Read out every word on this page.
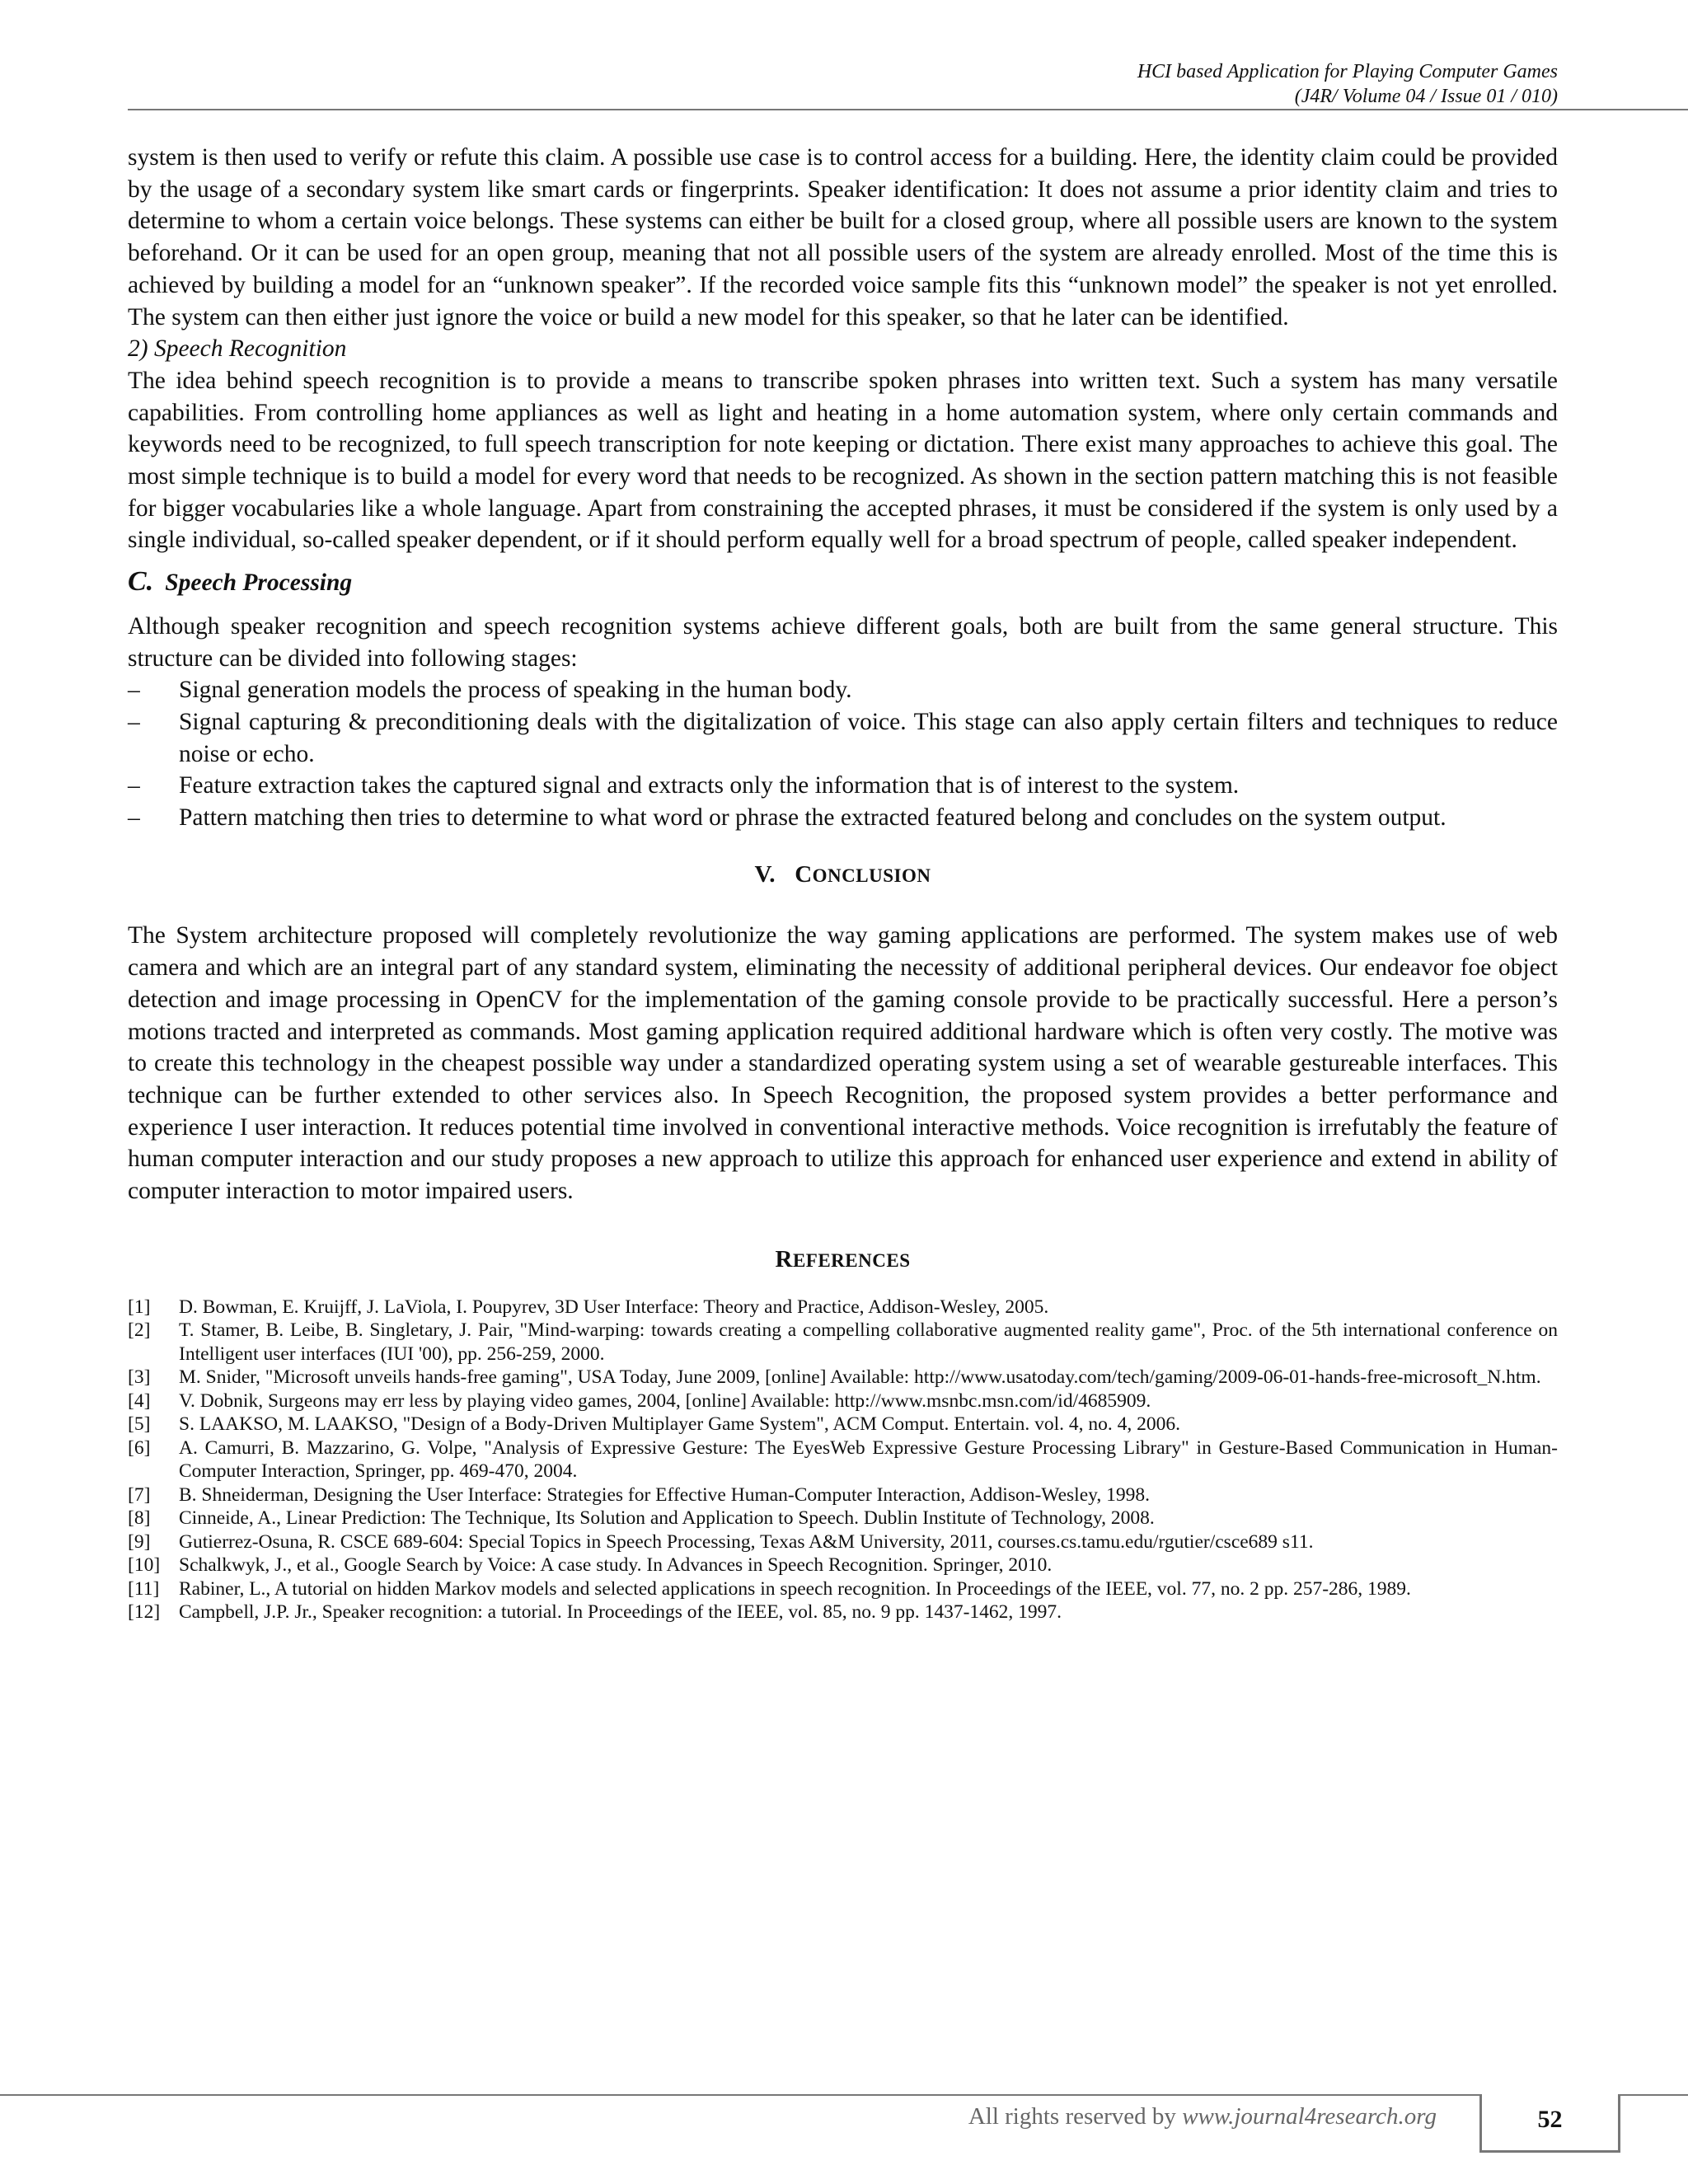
HCI based Application for Playing Computer Games
(J4R/ Volume 04 / Issue 01 / 010)

system is then used to verify or refute this claim. A possible use case is to control access for a building. Here, the identity claim could be provided by the usage of a secondary system like smart cards or fingerprints. Speaker identification: It does not assume a prior identity claim and tries to determine to whom a certain voice belongs. These systems can either be built for a closed group, where all possible users are known to the system beforehand. Or it can be used for an open group, meaning that not all possible users of the system are already enrolled. Most of the time this is achieved by building a model for an “unknown speaker”. If the recorded voice sample fits this “unknown model” the speaker is not yet enrolled. The system can then either just ignore the voice or build a new model for this speaker, so that he later can be identified.

2) Speech Recognition

The idea behind speech recognition is to provide a means to transcribe spoken phrases into written text. Such a system has many versatile capabilities. From controlling home appliances as well as light and heating in a home automation system, where only certain commands and keywords need to be recognized, to full speech transcription for note keeping or dictation. There exist many approaches to achieve this goal. The most simple technique is to build a model for every word that needs to be recognized. As shown in the section pattern matching this is not feasible for bigger vocabularies like a whole language. Apart from constraining the accepted phrases, it must be considered if the system is only used by a single individual, so-called speaker dependent, or if it should perform equally well for a broad spectrum of people, called speaker independent.

C. Speech Processing

Although speaker recognition and speech recognition systems achieve different goals, both are built from the same general structure. This structure can be divided into following stages:

– Signal generation models the process of speaking in the human body.
– Signal capturing & preconditioning deals with the digitalization of voice. This stage can also apply certain filters and techniques to reduce noise or echo.
– Feature extraction takes the captured signal and extracts only the information that is of interest to the system.
– Pattern matching then tries to determine to what word or phrase the extracted featured belong and concludes on the system output.
V. CONCLUSION

The System architecture proposed will completely revolutionize the way gaming applications are performed. The system makes use of web camera and which are an integral part of any standard system, eliminating the necessity of additional peripheral devices. Our endeavor foe object detection and image processing in OpenCV for the implementation of the gaming console provide to be practically successful. Here a person’s motions tracted and interpreted as commands. Most gaming application required additional hardware which is often very costly. The motive was to create this technology in the cheapest possible way under a standardized operating system using a set of wearable gestureable interfaces. This technique can be further extended to other services also. In Speech Recognition, the proposed system provides a better performance and experience I user interaction. It reduces potential time involved in conventional interactive methods. Voice recognition is irrefutably the feature of human computer interaction and our study proposes a new approach to utilize this approach for enhanced user experience and extend in ability of computer interaction to motor impaired users.

REFERENCES
[1] D. Bowman, E. Kruijff, J. LaViola, I. Poupyrev, 3D User Interface: Theory and Practice, Addison-Wesley, 2005.
[2] T. Stamer, B. Leibe, B. Singletary, J. Pair, "Mind-warping: towards creating a compelling collaborative augmented reality game", Proc. of the 5th international conference on Intelligent user interfaces (IUI '00), pp. 256-259, 2000.
[3] M. Snider, "Microsoft unveils hands-free gaming", USA Today, June 2009, [online] Available: http://www.usatoday.com/tech/gaming/2009-06-01-hands-free-microsoft_N.htm.
[4] V. Dobnik, Surgeons may err less by playing video games, 2004, [online] Available: http://www.msnbc.msn.com/id/4685909.
[5] S. LAAKSO, M. LAAKSO, "Design of a Body-Driven Multiplayer Game System", ACM Comput. Entertain. vol. 4, no. 4, 2006.
[6] A. Camurri, B. Mazzarino, G. Volpe, "Analysis of Expressive Gesture: The EyesWeb Expressive Gesture Processing Library" in Gesture-Based Communication in Human-Computer Interaction, Springer, pp. 469-470, 2004.
[7] B. Shneiderman, Designing the User Interface: Strategies for Effective Human-Computer Interaction, Addison-Wesley, 1998.
[8] Cinneide, A., Linear Prediction: The Technique, Its Solution and Application to Speech. Dublin Institute of Technology, 2008.
[9] Gutierrez-Osuna, R. CSCE 689-604: Special Topics in Speech Processing, Texas A&M University, 2011, courses.cs.tamu.edu/rgutier/csce689 s11.
[10] Schalkwyk, J., et al., Google Search by Voice: A case study. In Advances in Speech Recognition. Springer, 2010.
[11] Rabiner, L., A tutorial on hidden Markov models and selected applications in speech recognition. In Proceedings of the IEEE, vol. 77, no. 2 pp. 257-286, 1989.
[12] Campbell, J.P. Jr., Speaker recognition: a tutorial. In Proceedings of the IEEE, vol. 85, no. 9 pp. 1437-1462, 1997.
All rights reserved by www.journal4research.org	52
